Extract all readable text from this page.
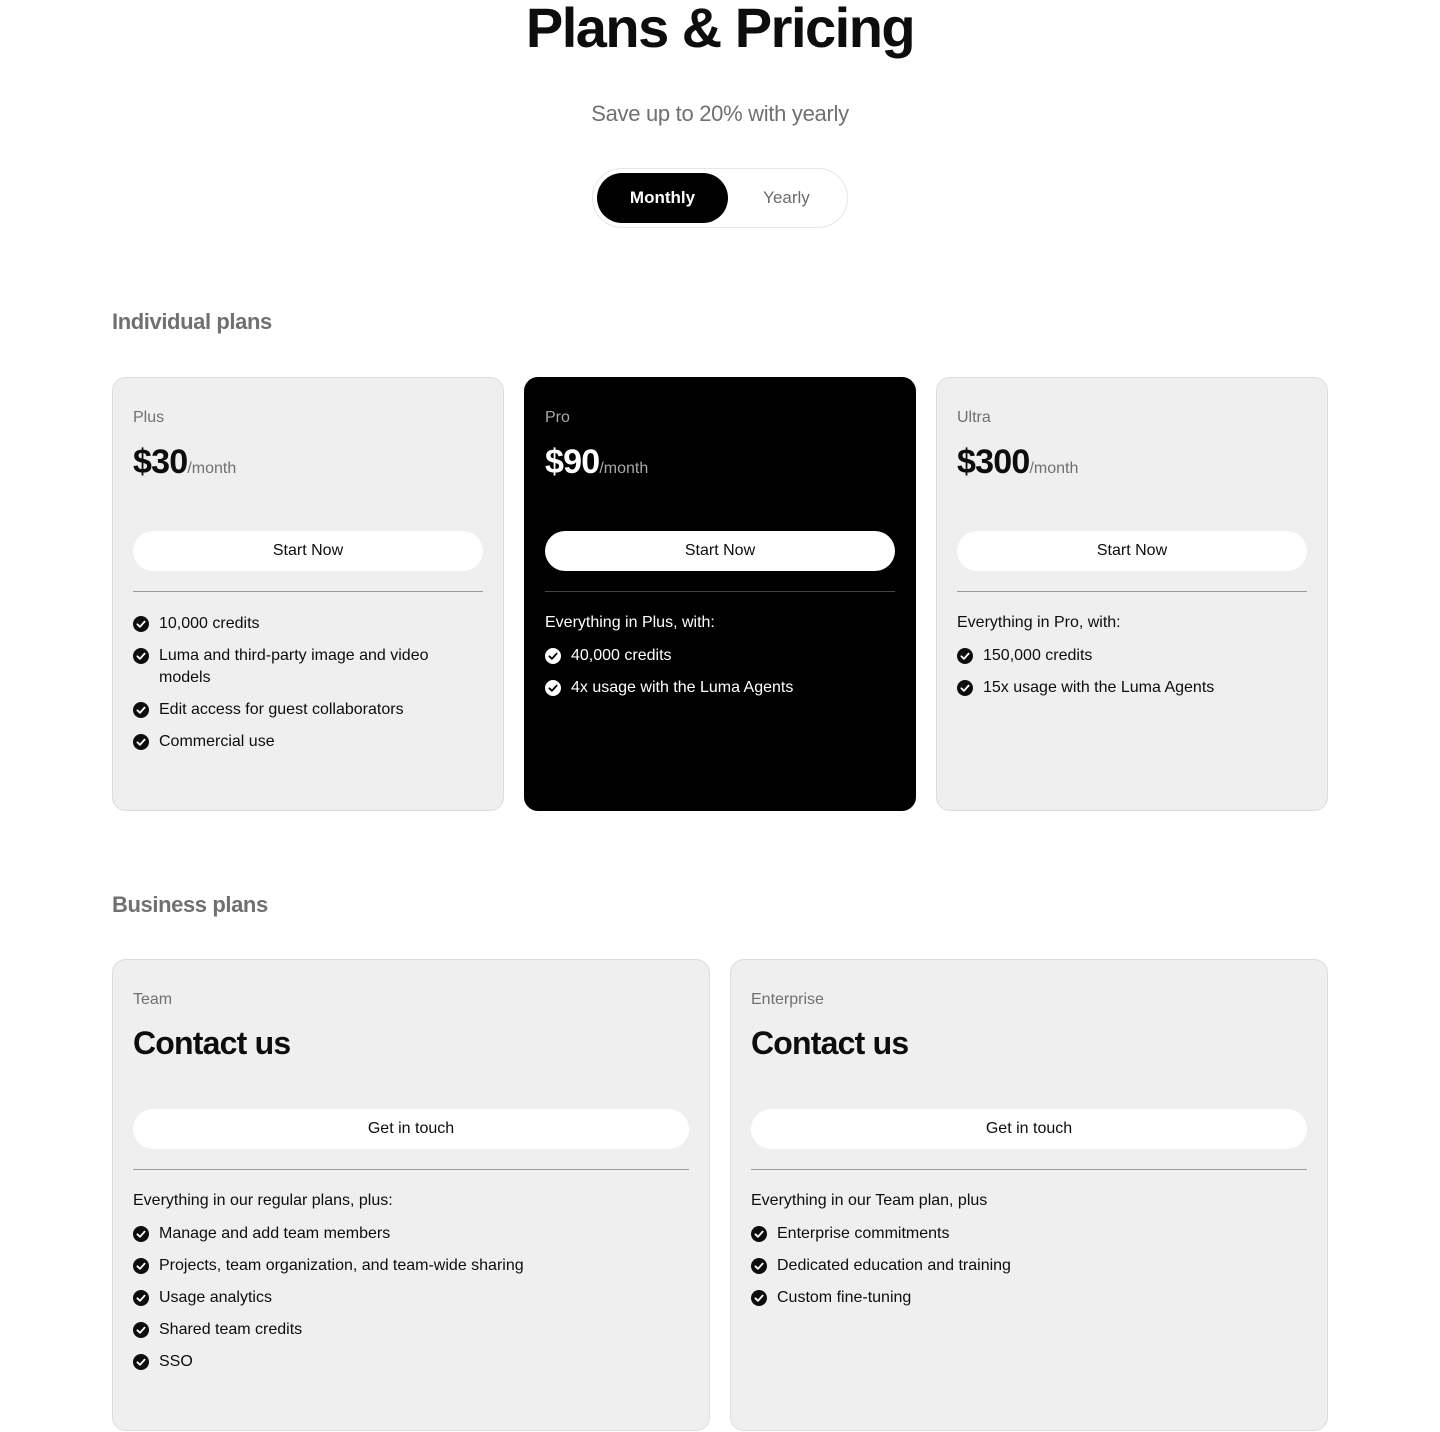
Plans & Pricing

Save up to 20% with yearly

Monthly	Yearly
Individual plans
Plus
$30/month
Start Now
10,000 credits
Luma and third-party image and video models
Edit access for guest collaborators
Commercial use
Pro
$90/month
Start Now
Everything in Plus, with:
40,000 credits
4x usage with the Luma Agents
Ultra
$300/month
Start Now
Everything in Pro, with:
150,000 credits
15x usage with the Luma Agents
Business plans
Team
Contact us
Get in touch
Everything in our regular plans, plus:
Manage and add team members
Projects, team organization, and team-wide sharing
Usage analytics
Shared team credits
SSO
Enterprise
Contact us
Get in touch
Everything in our Team plan, plus
Enterprise commitments
Dedicated education and training
Custom fine-tuning
